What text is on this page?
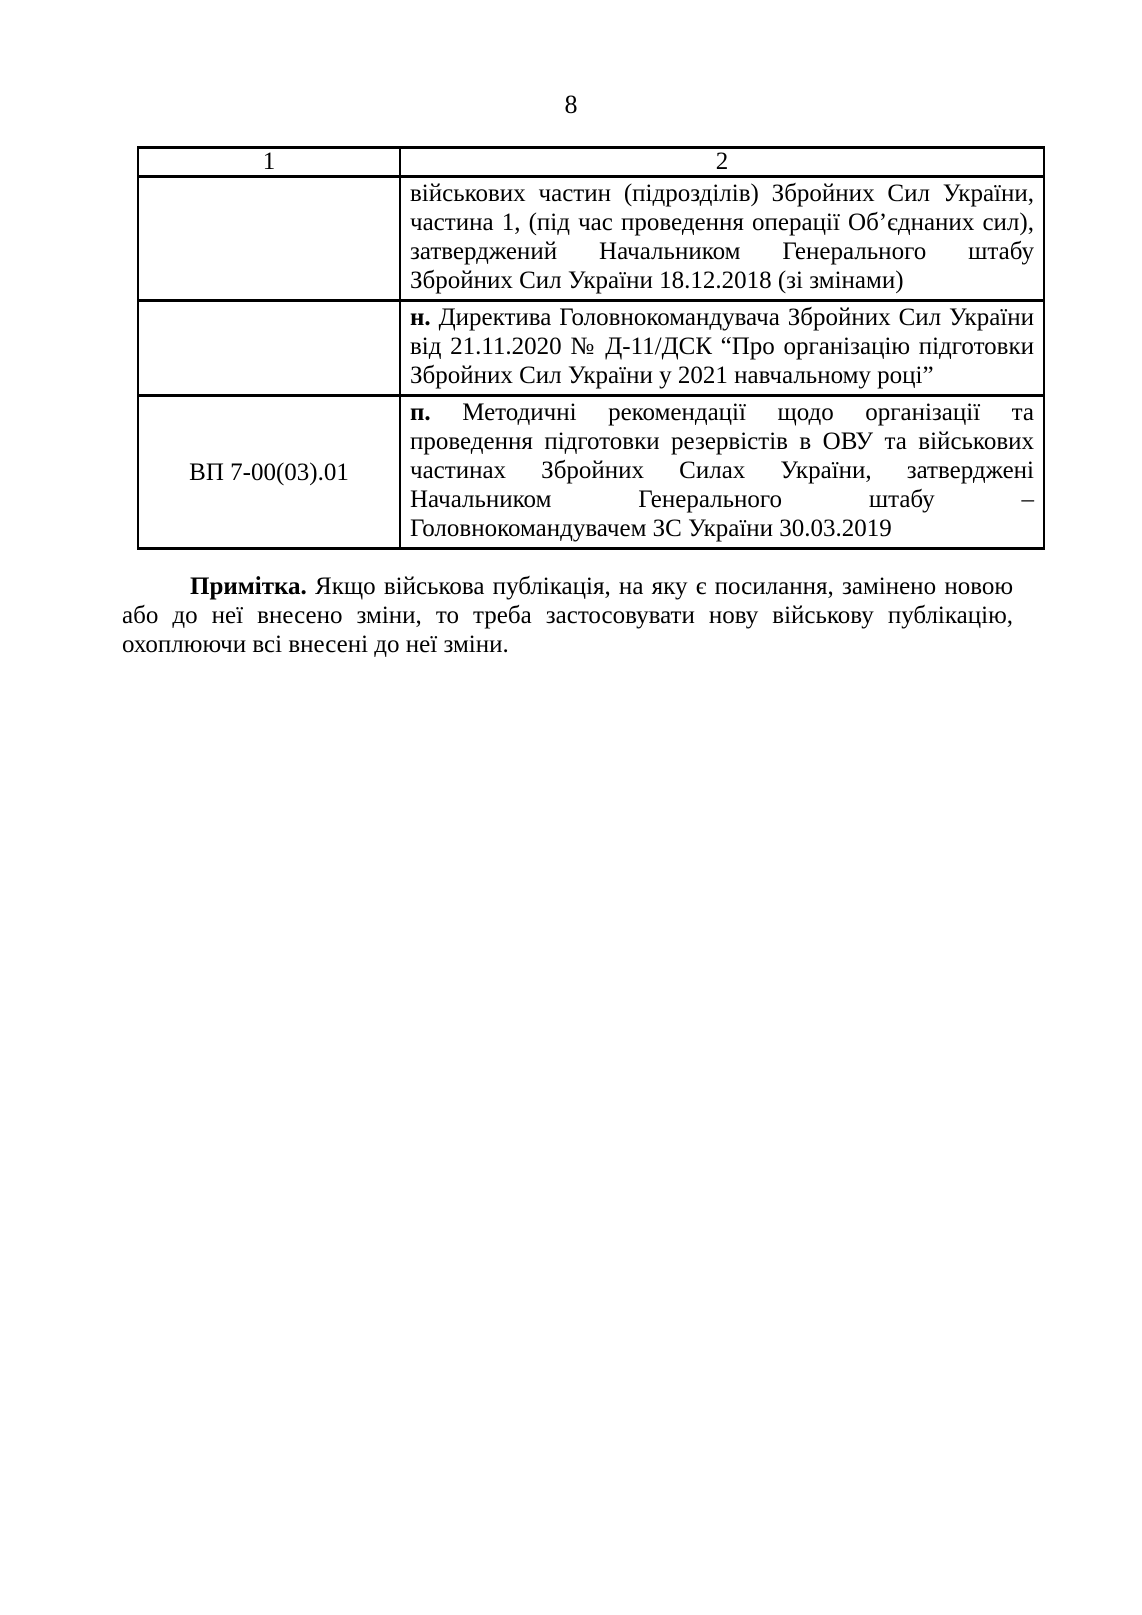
8
1	2
	військових частин (підрозділів) Збройних Сил України, частина 1, (під час проведення операції Об’єднаних сил), затверджений Начальником Генерального штабу Збройних Сил України 18.12.2018 (зі змінами)
	н. Директива Головнокомандувача Збройних Сил України від 21.11.2020 № Д-11/ДСК “Про організацію підготовки Збройних Сил України у 2021 навчальному році”
ВП 7-00(03).01	п. Методичні рекомендації щодо організації та проведення підготовки резервістів в ОВУ та військових частинах Збройних Силах України, затверджені Начальником Генерального штабу – Головнокомандувачем ЗС України 30.03.2019

Примітка. Якщо військова публікація, на яку є посилання, замінено новою або до неї внесено зміни, то треба застосовувати нову військову публікацію, охоплюючи всі внесені до неї зміни.
